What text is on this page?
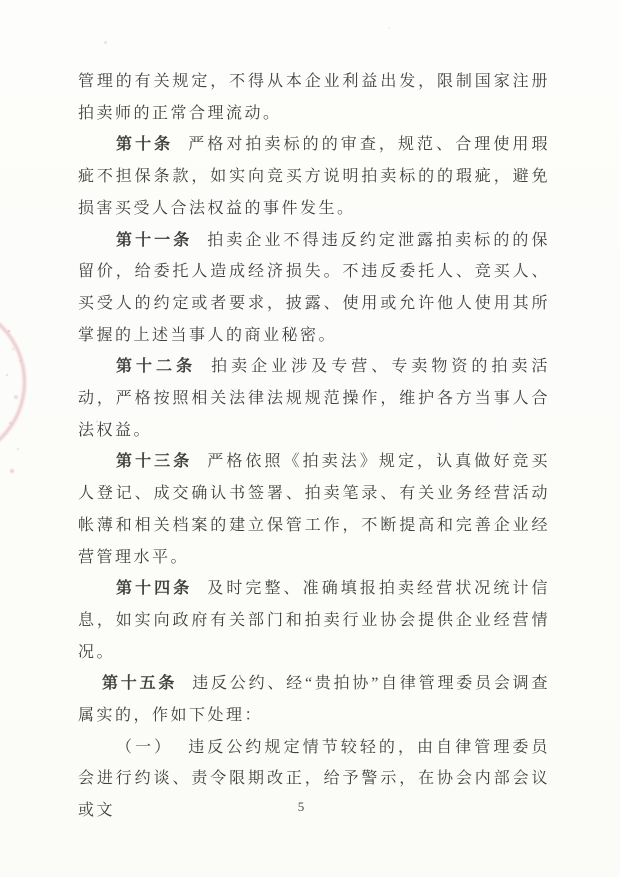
管理的有关规定，不得从本企业利益出发，限制国家注册拍卖师的正常合理流动。

第十条 严格对拍卖标的的审查，规范、合理使用瑕疵不担保条款，如实向竞买方说明拍卖标的的瑕疵，避免损害买受人合法权益的事件发生。

第十一条 拍卖企业不得违反约定泄露拍卖标的的保留价，给委托人造成经济损失。不违反委托人、竞买人、买受人的约定或者要求，披露、使用或允许他人使用其所掌握的上述当事人的商业秘密。

第十二条 拍卖企业涉及专营、专卖物资的拍卖活动，严格按照相关法律法规规范操作，维护各方当事人合法权益。

第十三条 严格依照《拍卖法》规定，认真做好竞买人登记、成交确认书签署、拍卖笔录、有关业务经营活动帐薄和相关档案的建立保管工作，不断提高和完善企业经营管理水平。

第十四条 及时完整、准确填报拍卖经营状况统计信息，如实向政府有关部门和拍卖行业协会提供企业经营情况。

第十五条 违反公约、经“贵拍协”自律管理委员会调查属实的，作如下处理：

（一） 违反公约规定情节较轻的，由自律管理委员会进行约谈、责令限期改正，给予警示，在协会内部会议或文	5
